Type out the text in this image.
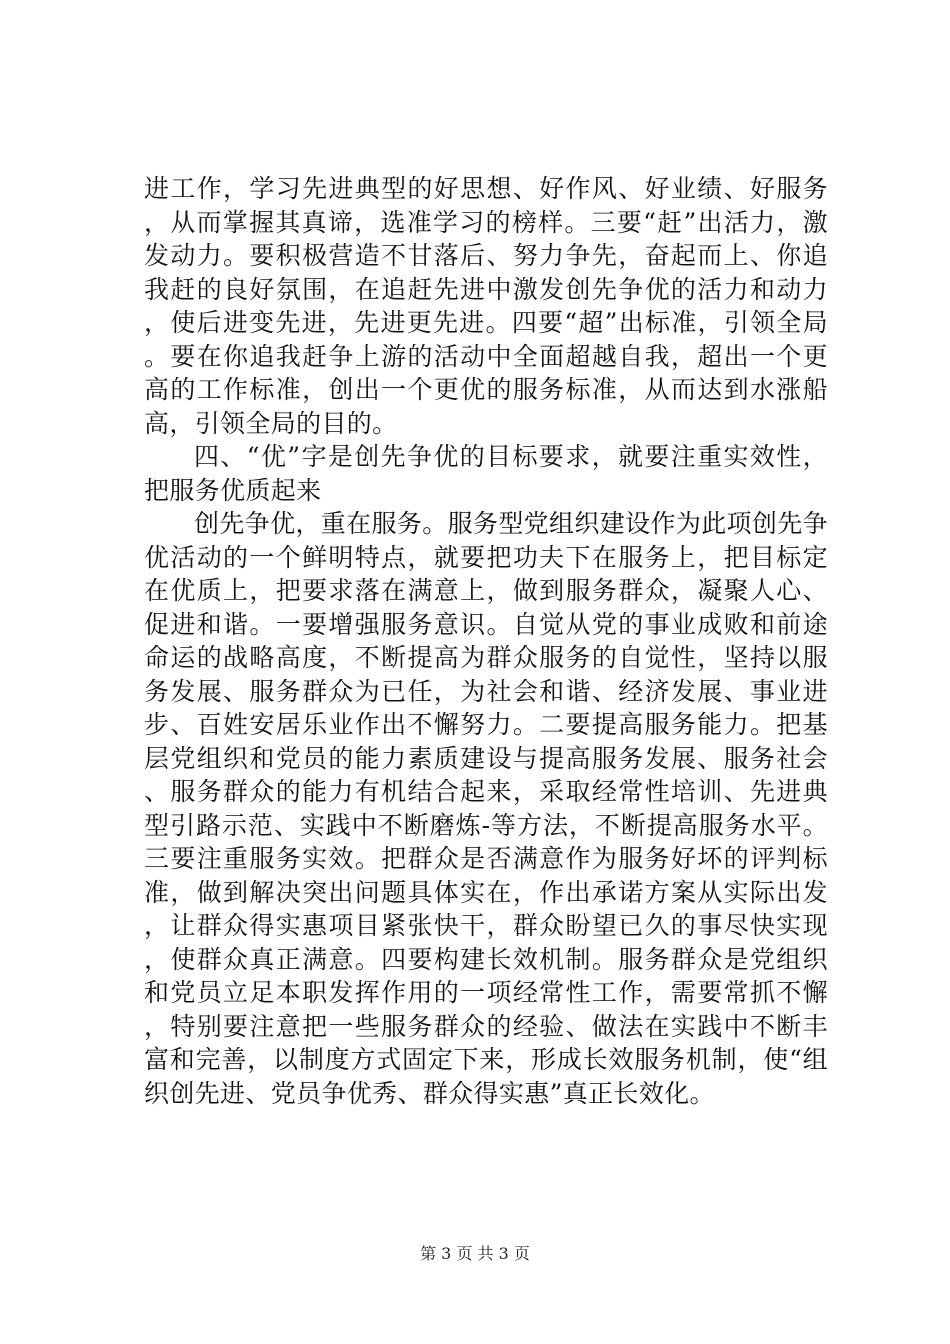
进工作，学习先进典型的好思想、好作风、好业绩、好服务，从而掌握其真谛，选准学习的榜样。三要“赶”出活力，激发动力。要积极营造不甘落后、努力争先，奋起而上、你追我赶的良好氛围，在追赶先进中激发创先争优的活力和动力，使后进变先进，先进更先进。四要“超”出标准，引领全局。要在你追我赶争上游的活动中全面超越自我，超出一个更高的工作标准，创出一个更优的服务标准，从而达到水涨船高，引领全局的目的。

四、“优”字是创先争优的目标要求，就要注重实效性，把服务优质起来

创先争优，重在服务。服务型党组织建设作为此项创先争优活动的一个鲜明特点，就要把功夫下在服务上，把目标定在优质上，把要求落在满意上，做到服务群众，凝聚人心、促进和谐。一要增强服务意识。自觉从党的事业成败和前途命运的战略高度，不断提高为群众服务的自觉性，坚持以服务发展、服务群众为已任，为社会和谐、经济发展、事业进步、百姓安居乐业作出不懈努力。二要提高服务能力。把基层党组织和党员的能力素质建设与提高服务发展、服务社会、服务群众的能力有机结合起来，采取经常性培训、先进典型引路示范、实践中不断磨炼-等方法，不断提高服务水平。三要注重服务实效。把群众是否满意作为服务好坏的评判标准，做到解决突出问题具体实在，作出承诺方案从实际出发，让群众得实惠项目紧张快干，群众盼望已久的事尽快实现，使群众真正满意。四要构建长效机制。服务群众是党组织和党员立足本职发挥作用的一项经常性工作，需要常抓不懈，特别要注意把一些服务群众的经验、做法在实践中不断丰富和完善，以制度方式固定下来，形成长效服务机制，使“组织创先进、党员争优秀、群众得实惠”真正长效化。

第 3 页 共 3 页
